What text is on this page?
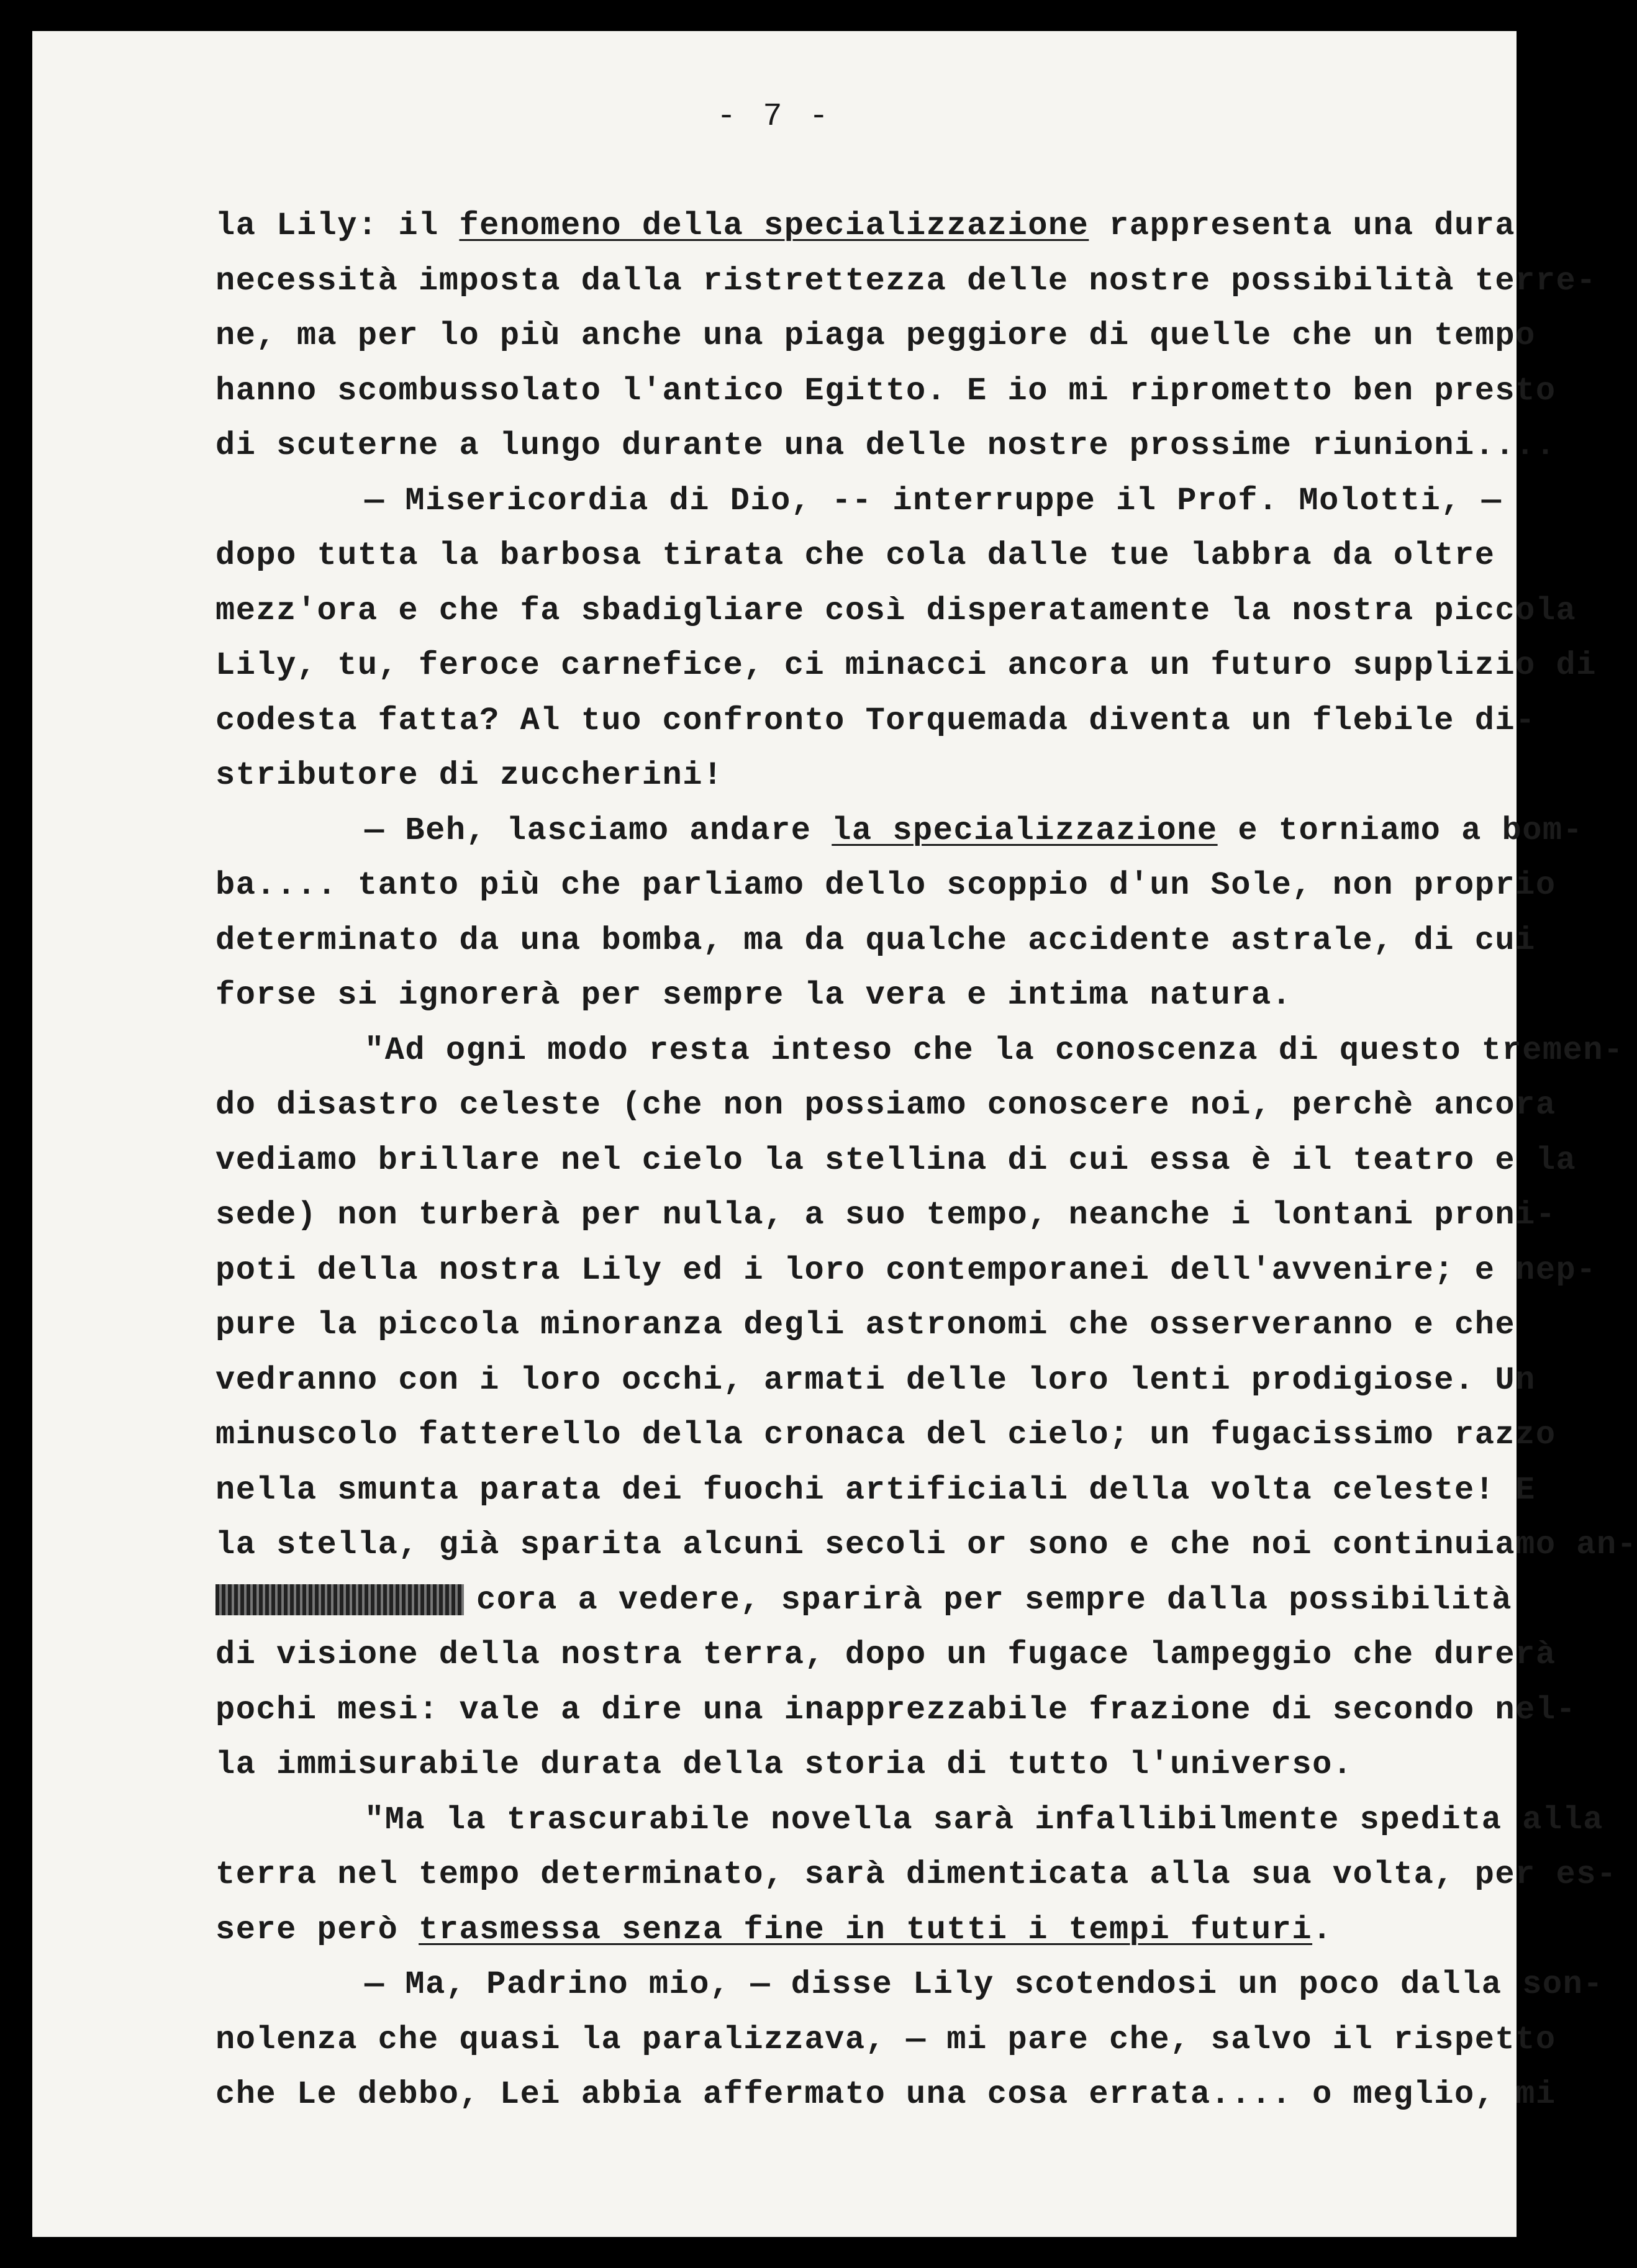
- 7 -
la Lily: il fenomeno della specializzazione rappresenta una dura
necessità imposta dalla ristrettezza delle nostre possibilità terre-
ne, ma per lo più anche una piaga peggiore di quelle che un tempo
hanno scombussolato l'antico Egitto. E io mi riprometto ben presto
di scuterne a lungo durante una delle nostre prossime riunioni....
— Misericordia di Dio, -- interruppe il Prof. Molotti, —
dopo tutta la barbosa tirata che cola dalle tue labbra da oltre
mezz'ora e che fa sbadigliare così disperatamente la nostra piccola
Lily, tu, feroce carnefice, ci minacci ancora un futuro supplizio di
codesta fatta? Al tuo confronto Torquemada diventa un flebile di-
stributore di zuccherini!
— Beh, lasciamo andare la specializzazione e torniamo a bom-
ba.... tanto più che parliamo dello scoppio d'un Sole, non proprio
determinato da una bomba, ma da qualche accidente astrale, di cui
forse si ignorerà per sempre la vera e intima natura.
"Ad ogni modo resta inteso che la conoscenza di questo tremen-
do disastro celeste (che non possiamo conoscere noi, perchè ancora
vediamo brillare nel cielo la stellina di cui essa è il teatro e la
sede) non turberà per nulla, a suo tempo, neanche i lontani proni-
poti della nostra Lily ed i loro contemporanei dell'avvenire; e nep-
pure la piccola minoranza degli astronomi che osserveranno e che
vedranno con i loro occhi, armati delle loro lenti prodigiose. Un
minuscolo fatterello della cronaca del cielo; un fugacissimo razzo
nella smunta parata dei fuochi artificiali della volta celeste! E
la stella, già sparita alcuni secoli or sono e che noi continuiamo an-
cora a vedere, sparirà per sempre dalla possibilità
di visione della nostra terra, dopo un fugace lampeggio che durerà
pochi mesi: vale a dire una inapprezzabile frazione di secondo nel-
la immisurabile durata della storia di tutto l'universo.
"Ma la trascurabile novella sarà infallibilmente spedita alla
terra nel tempo determinato, sarà dimenticata alla sua volta, per es-
sere però trasmessa senza fine in tutti i tempi futuri.
— Ma, Padrino mio, — disse Lily scotendosi un poco dalla son-
nolenza che quasi la paralizzava, — mi pare che, salvo il rispetto
che Le debbo, Lei abbia affermato una cosa errata.... o meglio, mi
